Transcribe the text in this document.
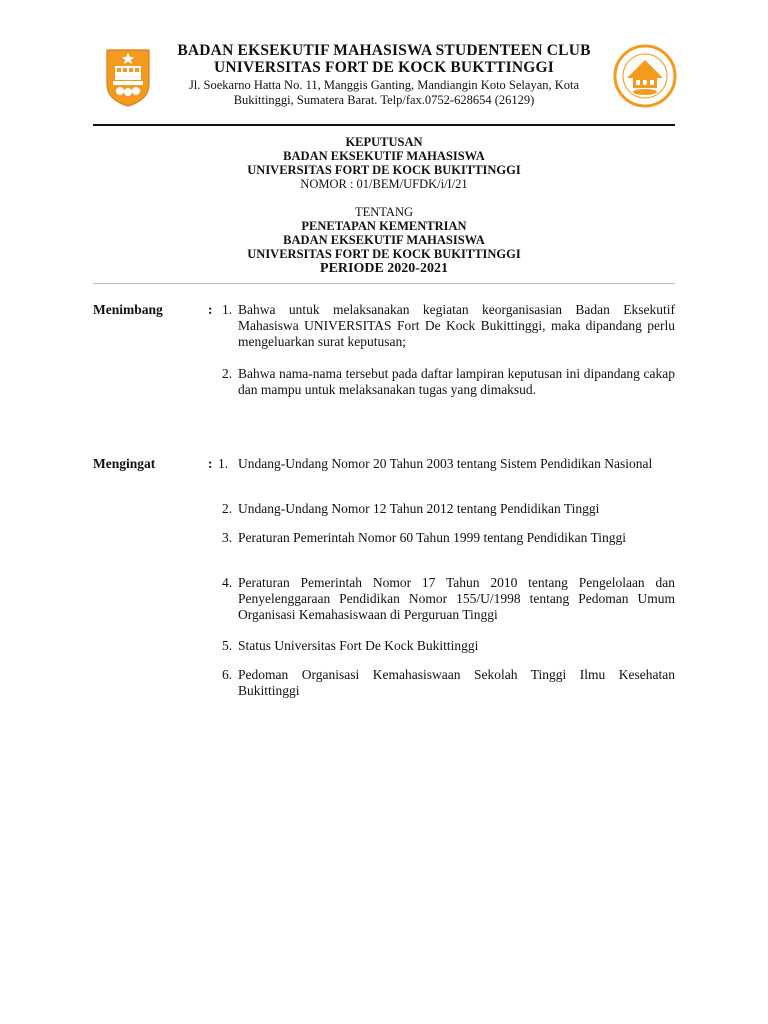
BADAN EKSEKUTIF MAHASISWA STUDENTEEN CLUB
UNIVERSITAS FORT DE KOCK BUKTTINGGI
Jl. Soekarno Hatta No. 11, Manggis Ganting, Mandiangin Koto Selayan, Kota
Bukittinggi, Sumatera Barat. Telp/fax.0752-628654 (26129)
KEPUTUSAN
BADAN EKSEKUTIF MAHASISWA
UNIVERSITAS FORT DE KOCK BUKITTINGGI
NOMOR : 01/BEM/UFDK/i/I/21
TENTANG
PENETAPAN KEMENTRIAN
BADAN EKSEKUTIF MAHASISWA
UNIVERSITAS FORT DE KOCK BUKITTINGGI
PERIODE 2020-2021
Menimbang	: 1. Bahwa untuk melaksanakan kegiatan keorganisasian Badan Eksekutif Mahasiswa UNIVERSITAS Fort De Kock Bukittinggi, maka dipandang perlu mengeluarkan surat keputusan;
2. Bahwa nama-nama tersebut pada daftar lampiran keputusan ini dipandang cakap dan mampu untuk melaksanakan tugas yang dimaksud.
Mengingat	: 1. Undang-Undang Nomor 20 Tahun 2003 tentang Sistem Pendidikan Nasional
2. Undang-Undang Nomor 12 Tahun 2012 tentang Pendidikan Tinggi
3. Peraturan Pemerintah Nomor 60 Tahun 1999 tentang Pendidikan Tinggi
4. Peraturan Pemerintah Nomor 17 Tahun 2010 tentang Pengelolaan dan Penyelenggaraan Pendidikan Nomor 155/U/1998 tentang Pedoman Umum Organisasi Kemahasiswaan di Perguruan Tinggi
5. Status Universitas Fort De Kock Bukittinggi
6. Pedoman Organisasi Kemahasiswaan Sekolah Tinggi Ilmu Kesehatan Bukittinggi
